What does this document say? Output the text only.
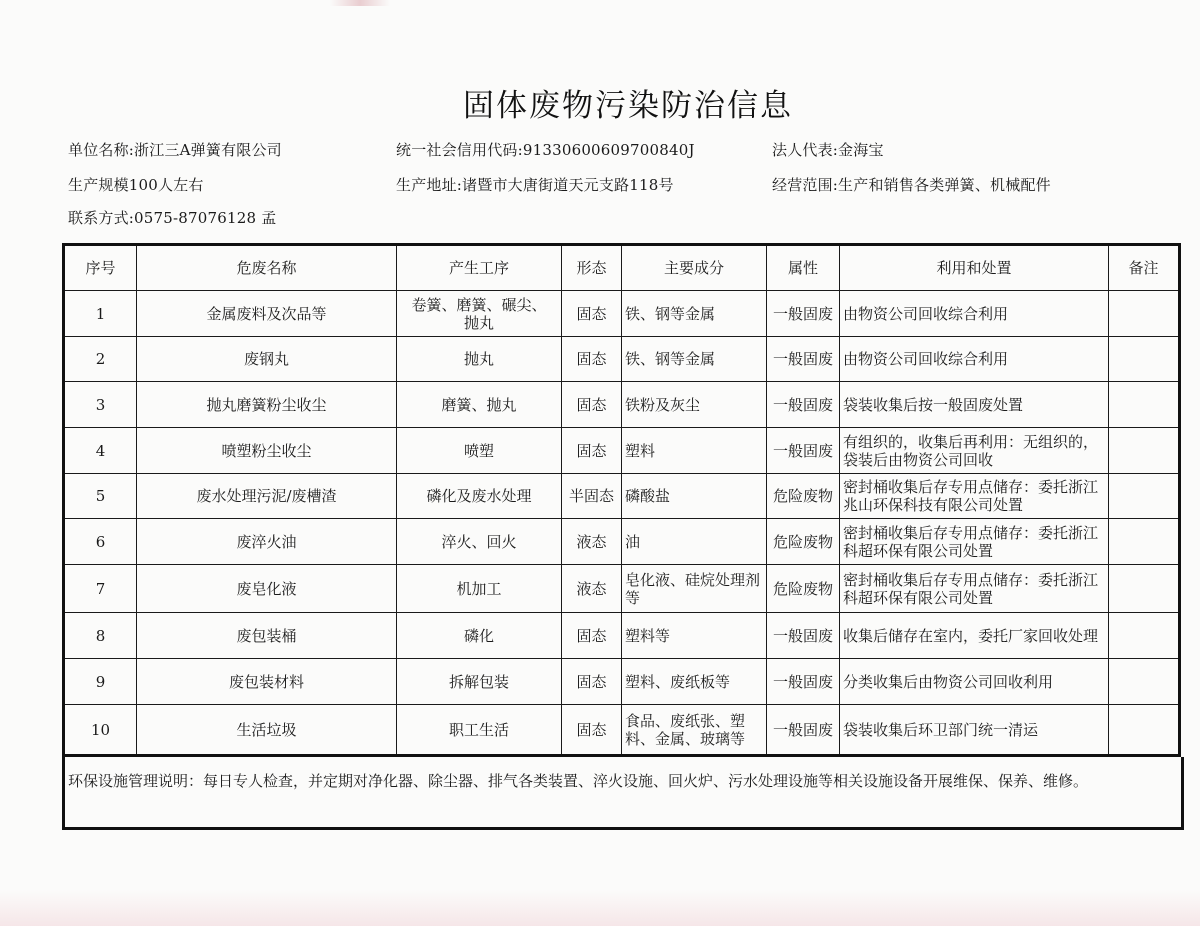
固体废物污染防治信息
单位名称:浙江三A弹簧有限公司	统一社会信用代码:91330600609700840J	法人代表:金海宝
生产规模100人左右	生产地址:诸暨市大唐街道天元支路118号	经营范围:生产和销售各类弹簧、机械配件
联系方式:0575-87076128 孟
序号	危废名称	产生工序	形态	主要成分	属性	利用和处置	备注
1	金属废料及次品等	卷簧、磨簧、碾尖、抛丸	固态	铁、钢等金属	一般固废	由物资公司回收综合利用	
2	废钢丸	抛丸	固态	铁、钢等金属	一般固废	由物资公司回收综合利用	
3	抛丸磨簧粉尘收尘	磨簧、抛丸	固态	铁粉及灰尘	一般固废	袋装收集后按一般固废处置	
4	喷塑粉尘收尘	喷塑	固态	塑料	一般固废	有组织的，收集后再利用：无组织的，袋装后由物资公司回收	
5	废水处理污泥/废槽渣	磷化及废水处理	半固态	磷酸盐	危险废物	密封桶收集后存专用点储存：委托浙江兆山环保科技有限公司处置	
6	废淬火油	淬火、回火	液态	油	危险废物	密封桶收集后存专用点储存：委托浙江科超环保有限公司处置	
7	废皂化液	机加工	液态	皂化液、硅烷处理剂等	危险废物	密封桶收集后存专用点储存：委托浙江科超环保有限公司处置	
8	废包装桶	磷化	固态	塑料等	一般固废	收集后储存在室内，委托厂家回收处理	
9	废包装材料	拆解包装	固态	塑料、废纸板等	一般固废	分类收集后由物资公司回收利用	
10	生活垃圾	职工生活	固态	食品、废纸张、塑料、金属、玻璃等	一般固废	袋装收集后环卫部门统一清运	
环保设施管理说明：每日专人检查，并定期对净化器、除尘器、排气各类装置、淬火设施、回火炉、污水处理设施等相关设施设备开展维保、保养、维修。
